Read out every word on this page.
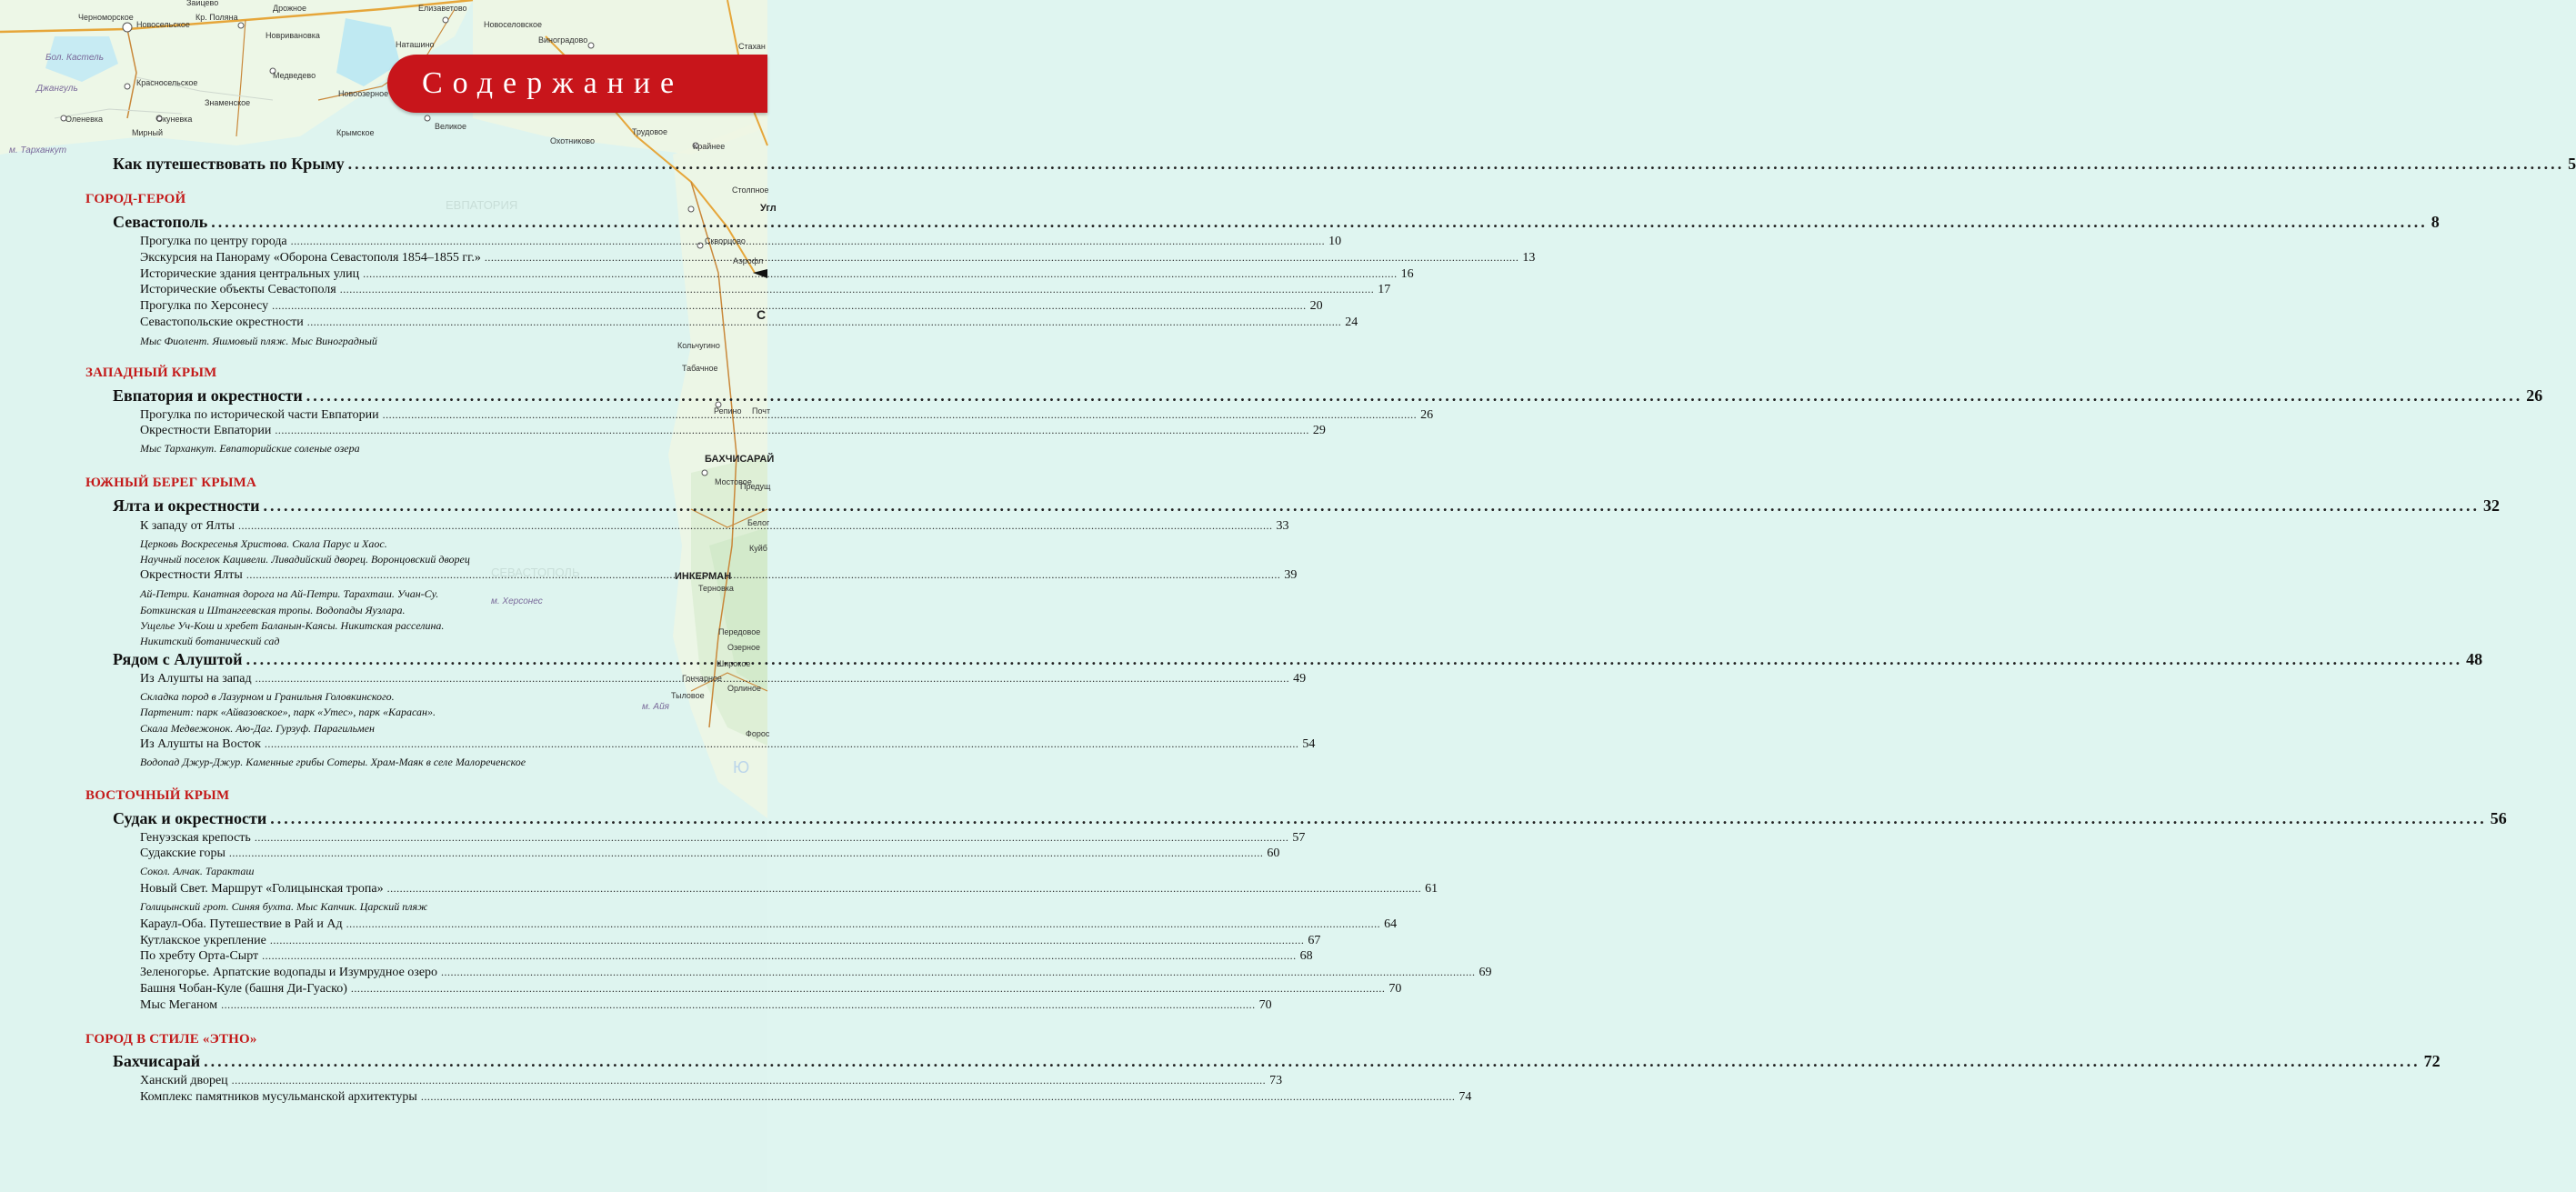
Черноморское
Новосельское
Кр. Поляна
Новривановка
Дрожное	Елизаветово
Новоселовское
Виноградово
Наташино
Заицево
Красносельское
Медведево
Знаменское
Новоозерное
Оленевка	Окуневка
Мирный	Крымское
Великое
Охотниково
Трудовое
Крайнее
Столпное
Стахан
Скворцово
Аэрофл
Кольчугино
Табачное
Репино Почт
Мостовое
Предущ
Белог
Куйб
Терновка
Передовое
Озерное
Широкое
Гончарное
Орлиное
Тыловое
Форос
Бол. Кастель
Джангуль
м. Тарханкут
м. Айя
м. Херсонес
БАХЧИСАРАЙ
ИНКЕРМАН
С
Угл
ЕВПАТОРИЯ
СЕВАСТОПОЛЬ
Ю
Содержание
Как путешествовать по Крыму .....	5
ГОРОД-ГЕРОЙ
Севастополь .....	8
Прогулка по центру города .....	10
Экскурсия на Панораму «Оборона Севастополя 1854–1855 гг.» .....	13
Исторические здания центральных улиц .....	16
Исторические объекты Севастополя .....	17
Прогулка по Херсонесу .....	20
Севастопольские окрестности .....	24
Мыс Фиолент. Яшмовый пляж. Мыс Виноградный
ЗАПАДНЫЙ КРЫМ
Евпатория и окрестности .....	26
Прогулка по исторической части Евпатории .....	26
Окрестности Евпатории .....	29
Мыс Тарханкут. Евпаторийские соленые озера
ЮЖНЫЙ БЕРЕГ КРЫМА
Ялта и окрестности .....	32
К западу от Ялты .....	33
Церковь Воскресенья Христова. Скала Парус и Хаос.
Научный поселок Кацивели. Ливадийский дворец. Воронцовский дворец
Окрестности Ялты .....	39
Ай-Петри. Канатная дорога на Ай-Петри. Тарахташ. Учан-Су.
Боткинская и Штангеевская тропы. Водопады Яузлара.
Ущелье Уч-Кош и хребет Баланын-Каясы. Никитская расселина.
Никитский ботанический сад
Рядом с Алуштой .....	48
Из Алушты на запад .....	49
Складка пород в Лазурном и Гранильня Головкинского.
Партенит: парк «Айвазовское», парк «Утес», парк «Карасан».
Скала Медвежонок. Аю-Даг. Гурзуф. Парагильмен
Из Алушты на Восток .....	54
Водопад Джур-Джур. Каменные грибы Сотеры. Храм-Маяк в селе Малореченское
ВОСТОЧНЫЙ КРЫМ
Судак и окрестности .....	56
Генуэзская крепость .....	57
Судакские горы .....	60
Сокол. Алчак. Таракташ
Новый Свет. Маршрут «Голицынская тропа» .....	61
Голицынский грот. Синяя бухта. Мыс Капчик. Царский пляж
Караул-Оба. Путешествие в Рай и Ад .....	64
Кутлакское укрепление .....	67
По хребту Орта-Сырт .....	68
Зеленогорье. Арпатские водопады и Изумрудное озеро .....	69
Башня Чобан-Куле (башня Ди-Гуаско) .....	70
Мыс Меганом .....	70
ГОРОД В СТИЛЕ «ЭТНО»
Бахчисарай .....	72
Ханский дворец .....	73
Комплекс памятников мусульманской архитектуры .....	74
